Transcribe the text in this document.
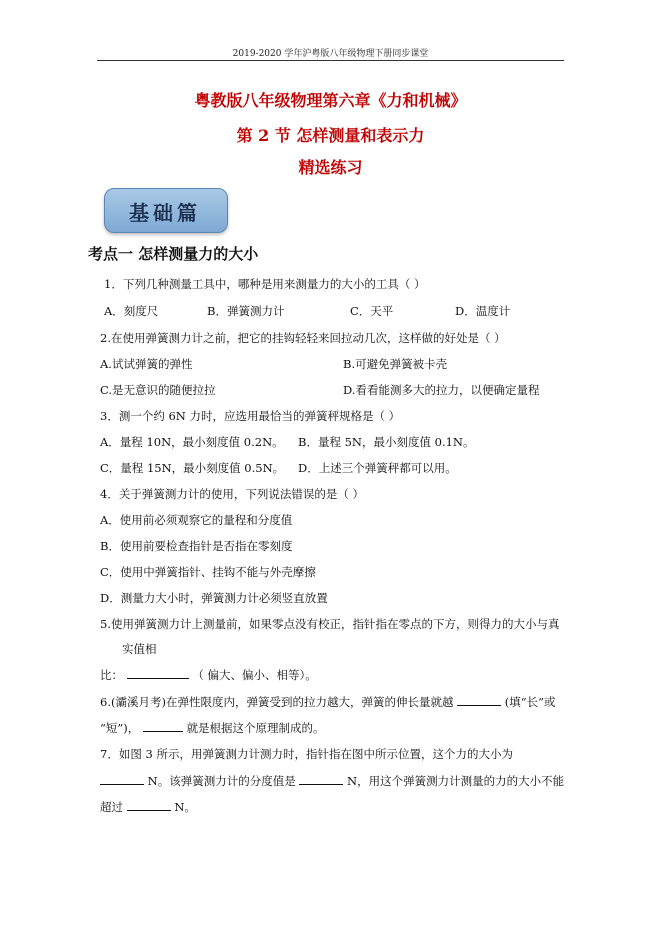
2019-2020 学年沪粤版八年级物理下册同步课堂
粤教版八年级物理第六章《力和机械》
第 2 节 怎样测量和表示力
精选练习
基础篇
考点一 怎样测量力的大小
1．下列几种测量工具中，哪种是用来测量力的大小的工具（ ）
A．刻度尺	B．弹簧测力计	C．天平	D．温度计
2.在使用弹簧测力计之前，把它的挂钩轻轻来回拉动几次，这样做的好处是（ ）
A.试试弹簧的弹性	B.可避免弹簧被卡壳
C.是无意识的随便拉拉	D.看看能测多大的拉力，以便确定量程
3．测一个约 6N 力时，应选用最恰当的弹簧秤规格是（ ）
A．量程 10N，最小刻度值 0.2N。 B．量程 5N，最小刻度值 0.1N。
C．量程 15N，最小刻度值 0.5N。 D．上述三个弹簧秤都可以用。
4．关于弹簧测力计的使用，下列说法错误的是（ ）
A．使用前必须观察它的量程和分度值
B．使用前要检查指针是否指在零刻度
C．使用中弹簧指针、挂钩不能与外壳摩擦
D．测量力大小时，弹簧测力计必须竖直放置
5.使用弹簧测力计上测量前，如果零点没有校正，指针指在零点的下方，则得力的大小与真
实值相
比：	（ 偏大、偏小、相等）。
6.(灞溪月考)在弹性限度内，弹簧受到的拉力越大，弹簧的伸长量就越	(填“长”或
“短”)，	就是根据这个原理制成的。
7．如图 3 所示，用弹簧测力计测力时，指针指在图中所示位置，这个力的大小为
N。该弹簧测力计的分度值是	N，用这个弹簧测力计测量的力的大小不能
超过	N。
